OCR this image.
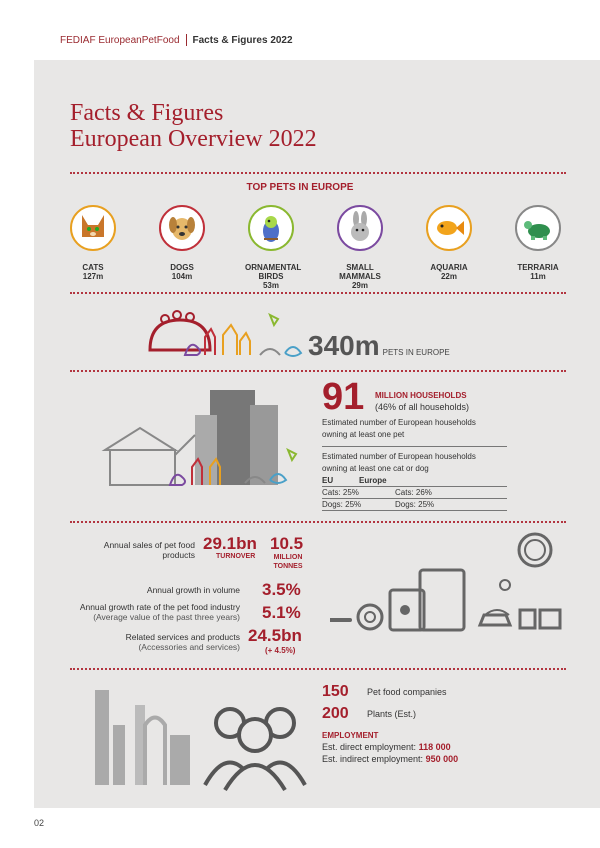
FEDIAF EuropeanPetFood Facts & Figures 2022
Facts & Figures
European Overview 2022
TOP PETS IN EUROPE
CATS
127m
DOGS
104m
ORNAMENTAL BIRDS
53m
SMALL MAMMALS
29m
AQUARIA
22m
TERRARIA
11m
340m PETS IN EUROPE
91 MILLION HOUSEHOLDS
(46% of all households)
Estimated number of European households
owning at least one pet
Estimated number of European households
owning at least one cat or dog
EU	Europe
Cats: 25%	Cats: 26%
Dogs: 25%	Dogs: 25%
Annual sales of pet food
products
29.1bn
TURNOVER
10.5
MILLION
TONNES
Annual growth in volume 3.5%
Annual growth rate of the pet food industry
(Average value of the past three years) 5.1%
Related services and products
(Accessories and services)
24.5bn
(+ 4.5%)
150 Pet food companies
200 Plants (Est.)
EMPLOYMENT
Est. direct employment: 118 000
Est. indirect employment: 950 000
02
